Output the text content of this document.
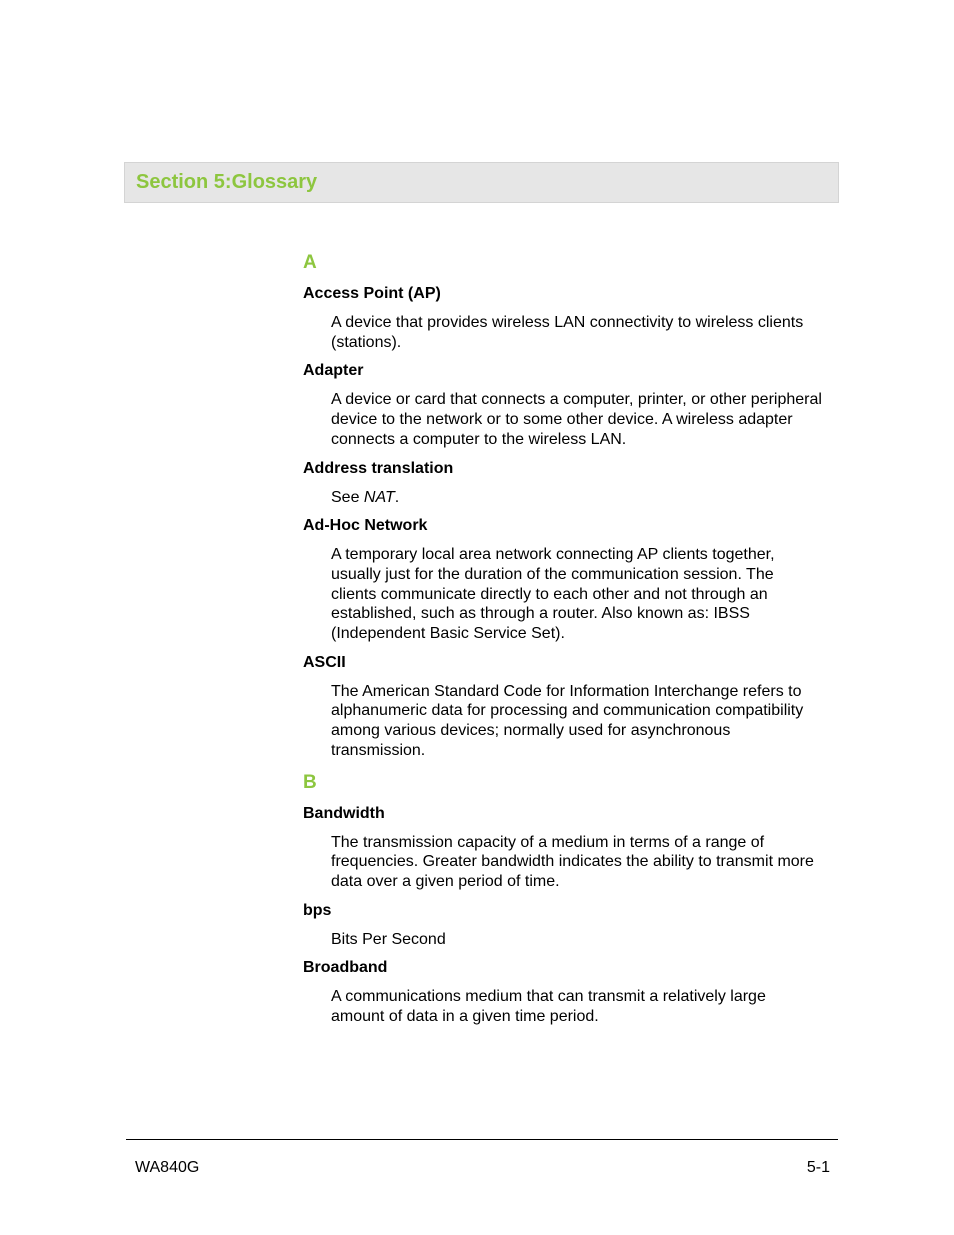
Section 5:Glossary
A
Access Point (AP)
A device that provides wireless LAN connectivity to wireless clients (stations).
Adapter
A device or card that connects a computer, printer, or other peripheral device to the network or to some other device. A wireless adapter connects a computer to the wireless LAN.
Address translation
See NAT.
Ad-Hoc Network
A temporary local area network connecting AP clients together, usually just for the duration of the communication session. The clients communicate directly to each other and not through an established, such as through a router. Also known as: IBSS (Independent Basic Service Set).
ASCII
The American Standard Code for Information Interchange refers to alphanumeric data for processing and communication compatibility among various devices; normally used for asynchronous transmission.
B
Bandwidth
The transmission capacity of a medium in terms of a range of frequencies. Greater bandwidth indicates the ability to transmit more data over a given period of time.
bps
Bits Per Second
Broadband
A communications medium that can transmit a relatively large amount of data in a given time period.
WA840G	5-1
